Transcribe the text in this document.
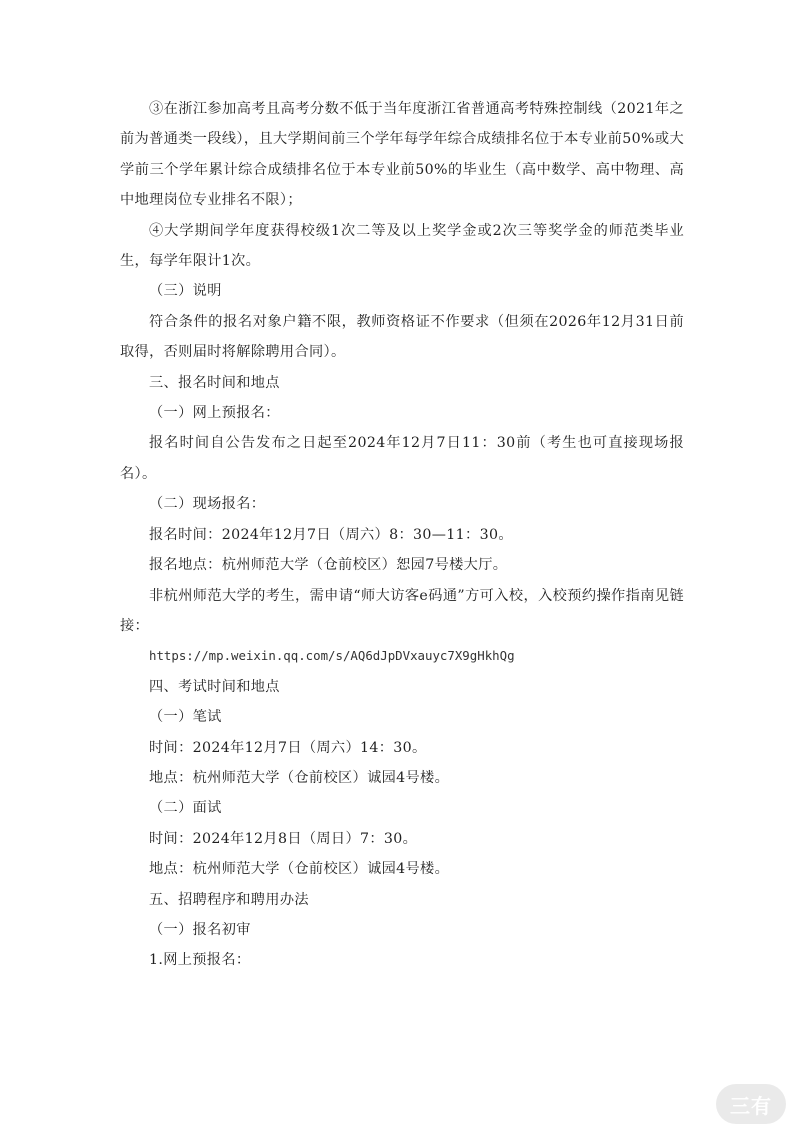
③在浙江参加高考且高考分数不低于当年度浙江省普通高考特殊控制线（2021年之前为普通类一段线），且大学期间前三个学年每学年综合成绩排名位于本专业前50%或大学前三个学年累计综合成绩排名位于本专业前50%的毕业生（高中数学、高中物理、高中地理岗位专业排名不限）；

④大学期间学年度获得校级1次二等及以上奖学金或2次三等奖学金的师范类毕业生，每学年限计1次。

（三）说明

符合条件的报名对象户籍不限，教师资格证不作要求（但须在2026年12月31日前取得，否则届时将解除聘用合同）。

三、报名时间和地点

（一）网上预报名：

报名时间自公告发布之日起至2024年12月7日11：30前（考生也可直接现场报名）。

（二）现场报名：

报名时间：2024年12月7日（周六）8：30—11：30。

报名地点：杭州师范大学（仓前校区）恕园7号楼大厅。

非杭州师范大学的考生，需申请“师大访客e码通”方可入校，入校预约操作指南见链接：

https://mp.weixin.qq.com/s/AQ6dJpDVxauyc7X9gHkhQg

四、考试时间和地点

（一）笔试

时间：2024年12月7日（周六）14：30。

地点：杭州师范大学（仓前校区）诚园4号楼。

（二）面试

时间：2024年12月8日（周日）7：30。

地点：杭州师范大学（仓前校区）诚园4号楼。

五、招聘程序和聘用办法

（一）报名初审

1.网上预报名：

三有
